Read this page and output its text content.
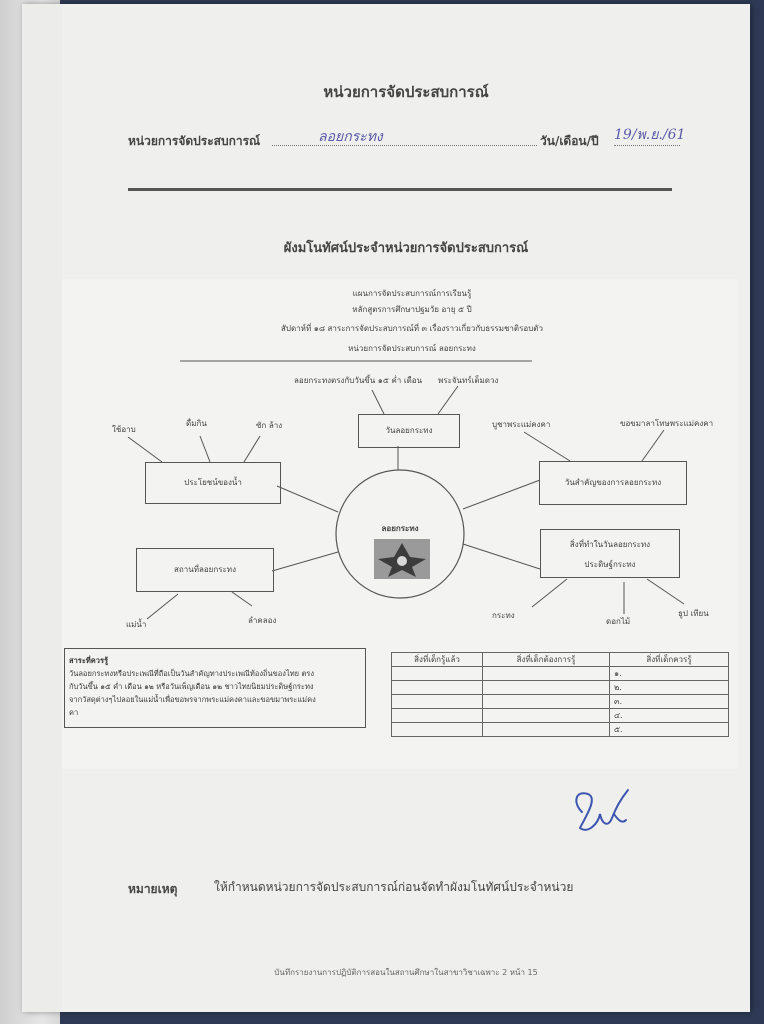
หน่วยการจัดประสบการณ์
หน่วยการจัดประสบการณ์	ลอยกระทง	วัน/เดือน/ปี 19/พ.ย./61
ผังมโนทัศน์ประจำหน่วยการจัดประสบการณ์
แผนการจัดประสบการณ์การเรียนรู้
หลักสูตรการศึกษาปฐมวัย อายุ ๕ ปี
สัปดาห์ที่ ๑๘ สาระการจัดประสบการณ์ที่ ๓ เรื่องราวเกี่ยวกับธรรมชาติรอบตัว
หน่วยการจัดประสบการณ์ ลอยกระทง
ลอยกระทงตรงกับวันขึ้น ๑๕ ค่ำ เดือน พระจันทร์เต็มดวง
วันลอยกระทง
ลอยกระทง
ใช้อาบ
ดื่มกิน	ซัก ล้าง
ประโยชน์ของน้ำ
สถานที่ลอยกระทง
แม่น้ำ	ลำคลอง
บูชาพระแม่คงคา	ขอขมาลาโทษพระแม่คงคา
วันสำคัญของการลอยกระทง
สิ่งที่ทำในวันลอยกระทง
ประดิษฐ์กระทง
กระทง
ดอกไม้
ธูป เทียน
สาระที่ควรรู้
วันลอยกระทงหรือประเพณีที่ถือเป็นวันสำคัญทางประเพณีท้องถิ่นของไทย ตรง
กับวันขึ้น ๑๕ ค่ำ เดือน ๑๒ หรือวันเพ็ญเดือน ๑๒ ชาวไทยนิยมประดิษฐ์กระทง
จากวัสดุต่างๆไปลอยในแม่น้ำเพื่อขอพรจากพระแม่คงคาและขอขมาพระแม่คง
คา
สิ่งที่เด็กรู้แล้ว	สิ่งที่เด็กต้องการรู้	สิ่งที่เด็กควรรู้
		๑.
		๒.
		๓.
		๔.
		๕.
หมายเหตุ	ให้กำหนดหน่วยการจัดประสบการณ์ก่อนจัดทำผังมโนทัศน์ประจำหน่วย
บันทึกรายงานการปฏิบัติการสอนในสถานศึกษาในสาขาวิชาเฉพาะ 2 หน้า 15
